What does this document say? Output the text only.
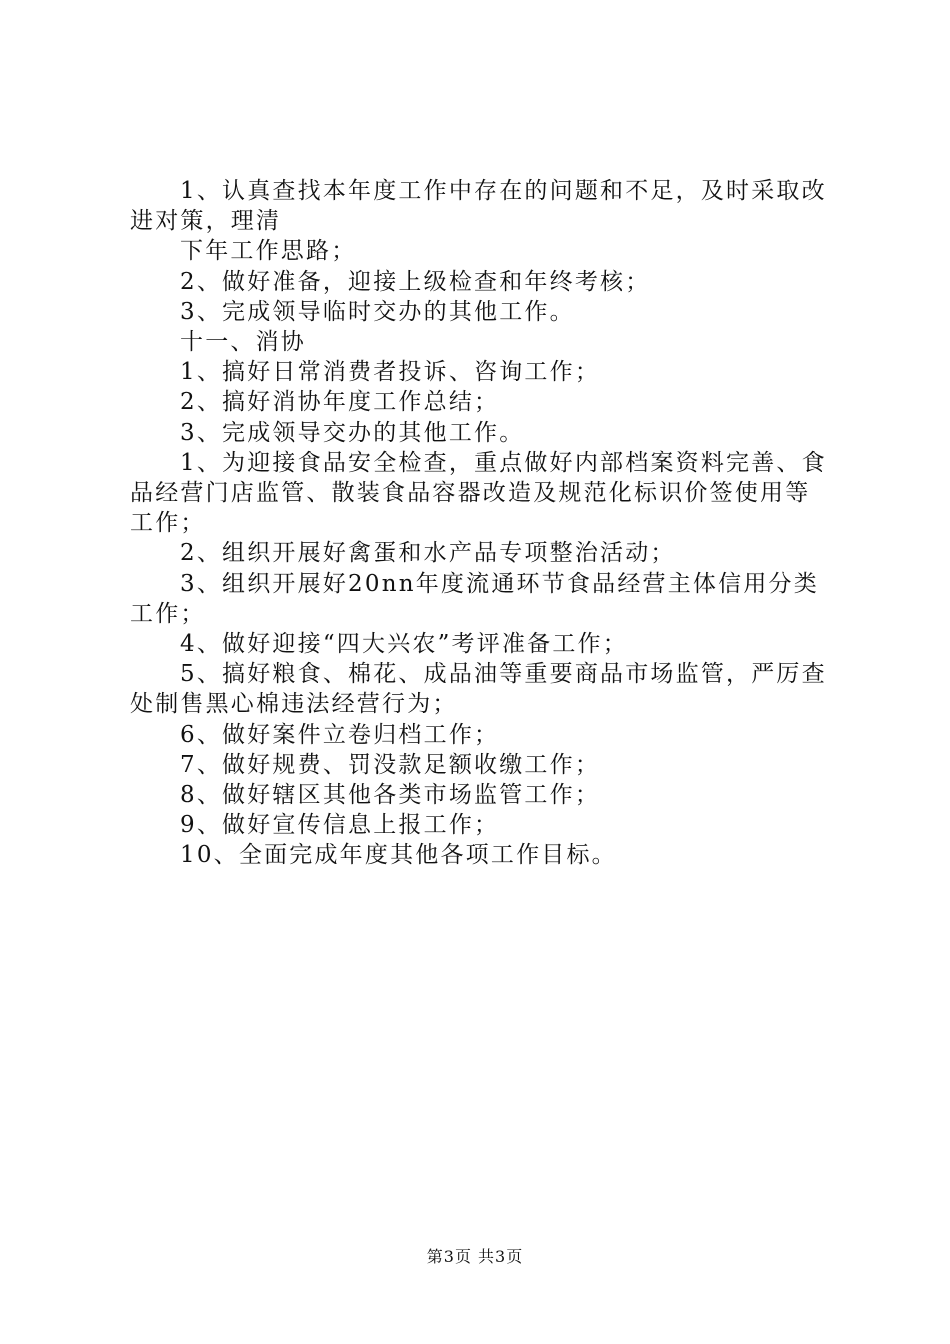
1、认真查找本年度工作中存在的问题和不足，及时采取改进对策，理清

下年工作思路；

2、做好准备，迎接上级检查和年终考核；

3、完成领导临时交办的其他工作。

十一、消协

1、搞好日常消费者投诉、咨询工作；

2、搞好消协年度工作总结；

3、完成领导交办的其他工作。

1、为迎接食品安全检查，重点做好内部档案资料完善、食品经营门店监管、散装食品容器改造及规范化标识价签使用等工作；

2、组织开展好禽蛋和水产品专项整治活动；

3、组织开展好20nn年度流通环节食品经营主体信用分类工作；

4、做好迎接“四大兴农”考评准备工作；

5、搞好粮食、棉花、成品油等重要商品市场监管，严厉查处制售黑心棉违法经营行为；

6、做好案件立卷归档工作；

7、做好规费、罚没款足额收缴工作；

8、做好辖区其他各类市场监管工作；

9、做好宣传信息上报工作；

10、全面完成年度其他各项工作目标。

第3页 共3页
